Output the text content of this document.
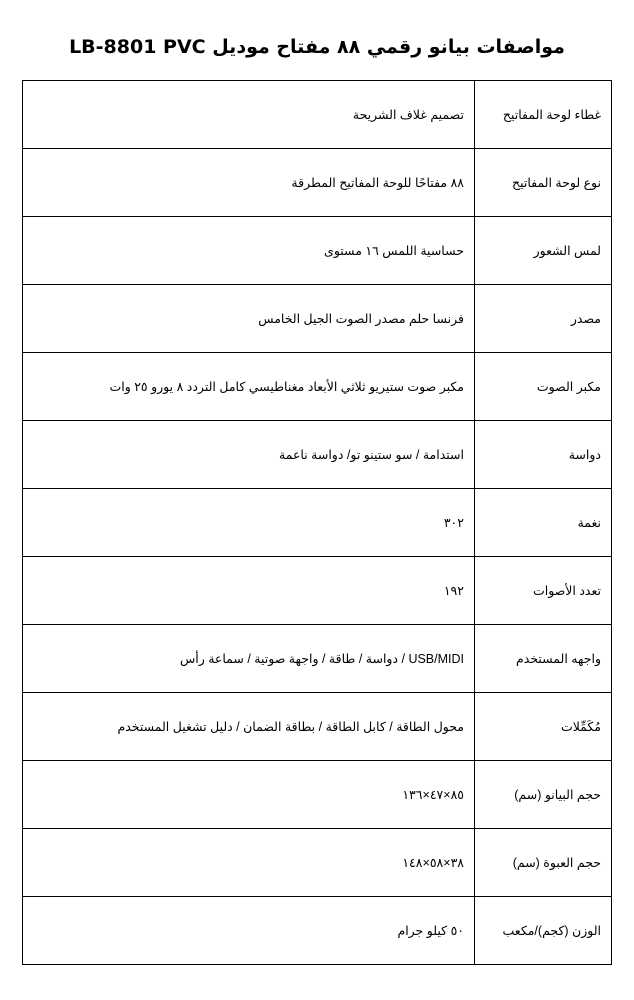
مواصفات بيانو رقمي ٨٨ مفتاح موديل LB-8801 PVC
غطاء لوحة المفاتيح	تصميم غلاف الشريحة
نوع لوحة المفاتيح	٨٨ مفتاحًا للوحة المفاتيح المطرقة
لمس الشعور	حساسية اللمس ١٦ مستوى
مصدر	فرنسا حلم مصدر الصوت الجيل الخامس
مكبر الصوت	مكبر صوت ستيريو ثلاثي الأبعاد مغناطيسي كامل التردد ٨ يورو ٢٥ وات
دواسة	استدامة / سو ستينو تو/ دواسة ناعمة
نغمة	٣٠٢
تعدد الأصوات	١٩٢
واجهه المستخدم	USB/MIDI / دواسة / طاقة / واجهة صوتية / سماعة رأس
مُكَمِّلات	محول الطاقة / كابل الطاقة / بطاقة الضمان / دليل تشغيل المستخدم
حجم البيانو (سم)	٨٥×٤٧×١٣٦
حجم العبوة (سم)	٣٨×٥٨×١٤٨
الوزن (كجم)/مكعب	٥٠ كيلو جرام
